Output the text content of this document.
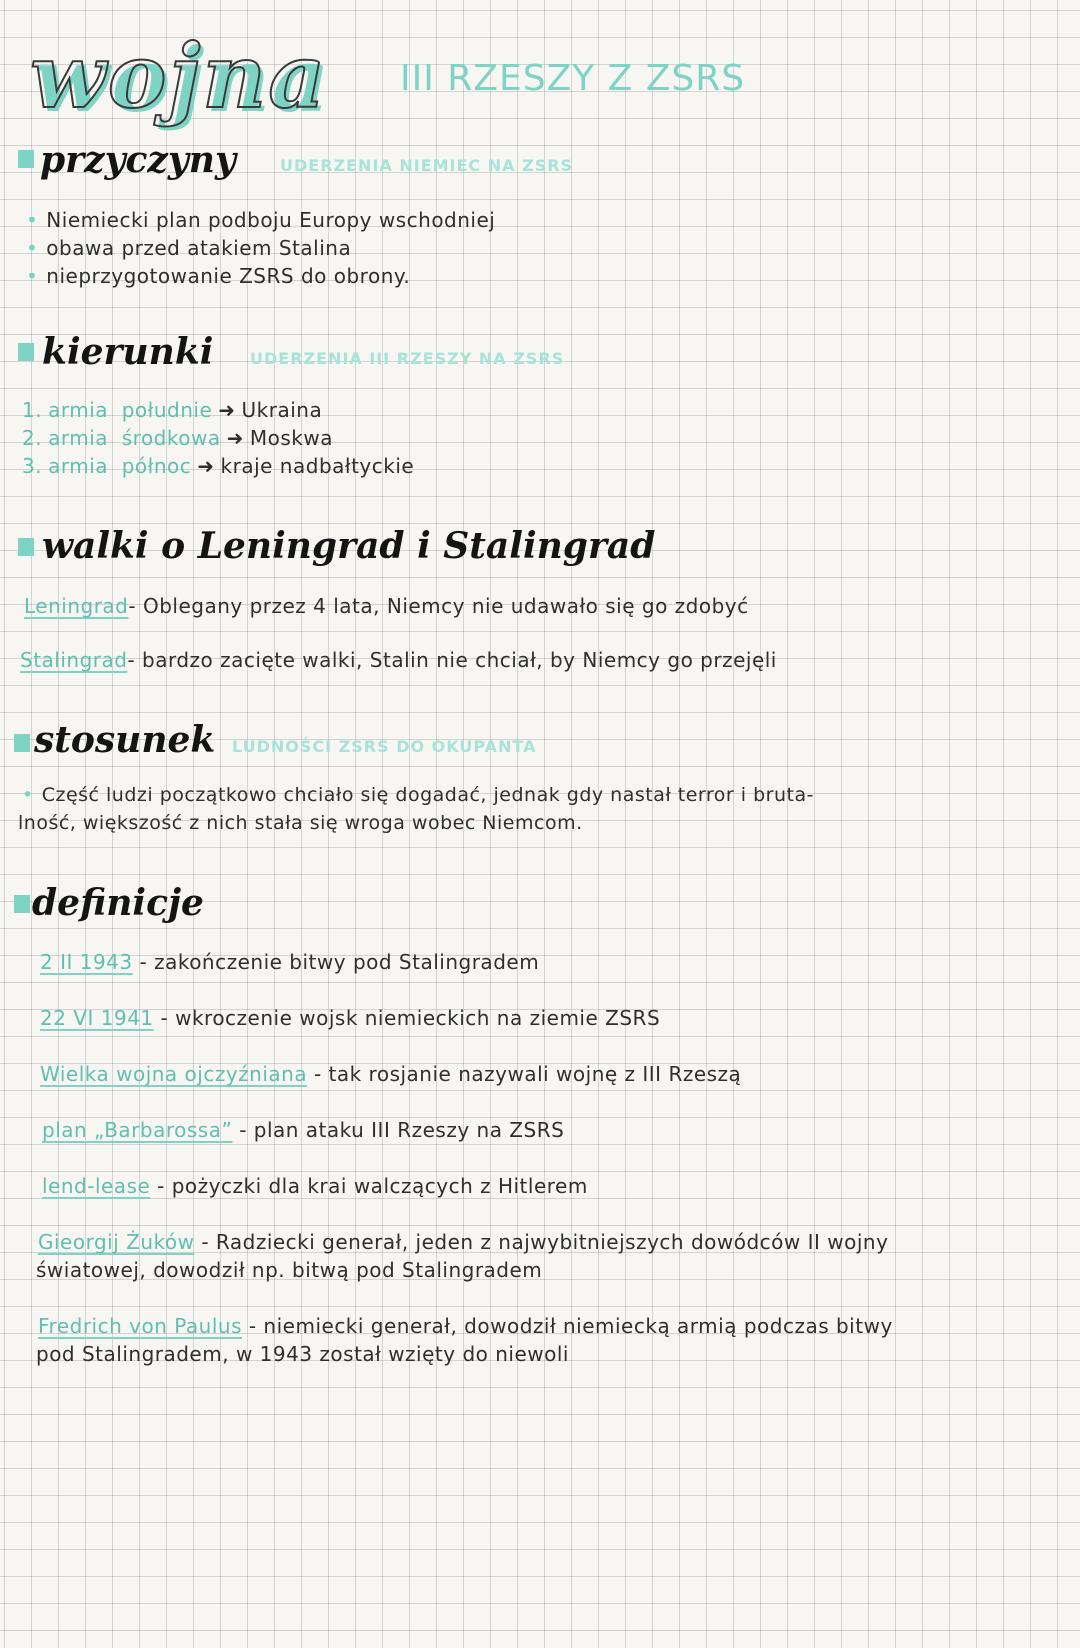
wojna III RZESZY Z ZSRS
przyczyny	UDERZENIA NIEMIEC NA ZSRS
• Niemiecki plan podboju Europy wschodniej
• obawa przed atakiem Stalina
• nieprzygotowanie ZSRS do obrony.
kierunki UDERZENIA III RZESZY NA ZSRS
1. armia południe ➜ Ukraina
2. armia środkowa ➜ Moskwa
3. armia północ ➜ kraje nadbałtyckie
walki o Leningrad i Stalingrad
Leningrad- Oblegany przez 4 lata, Niemcy nie udawało się go zdobyć
Stalingrad- bardzo zacięte walki, Stalin nie chciał, by Niemcy go przejęli
stosunek LUDNOŚCI ZSRS DO OKUPANTA
• Część ludzi początkowo chciało się dogadać, jednak gdy nastał terror i bruta-
lność, większość z nich stała się wroga wobec Niemcom.
definicje
2 II 1943 - zakończenie bitwy pod Stalingradem
22 VI 1941 - wkroczenie wojsk niemieckich na ziemie ZSRS
Wielka wojna ojczyźniana - tak rosjanie nazywali wojnę z III Rzeszą
plan „Barbarossa” - plan ataku III Rzeszy na ZSRS
lend-lease - pożyczki dla krai walczących z Hitlerem
Gieorgij Żuków - Radziecki generał, jeden z najwybitniejszych dowódców II wojny
światowej, dowodził np. bitwą pod Stalingradem
Fredrich von Paulus - niemiecki generał, dowodził niemiecką armią podczas bitwy
pod Stalingradem, w 1943 został wzięty do niewoli
